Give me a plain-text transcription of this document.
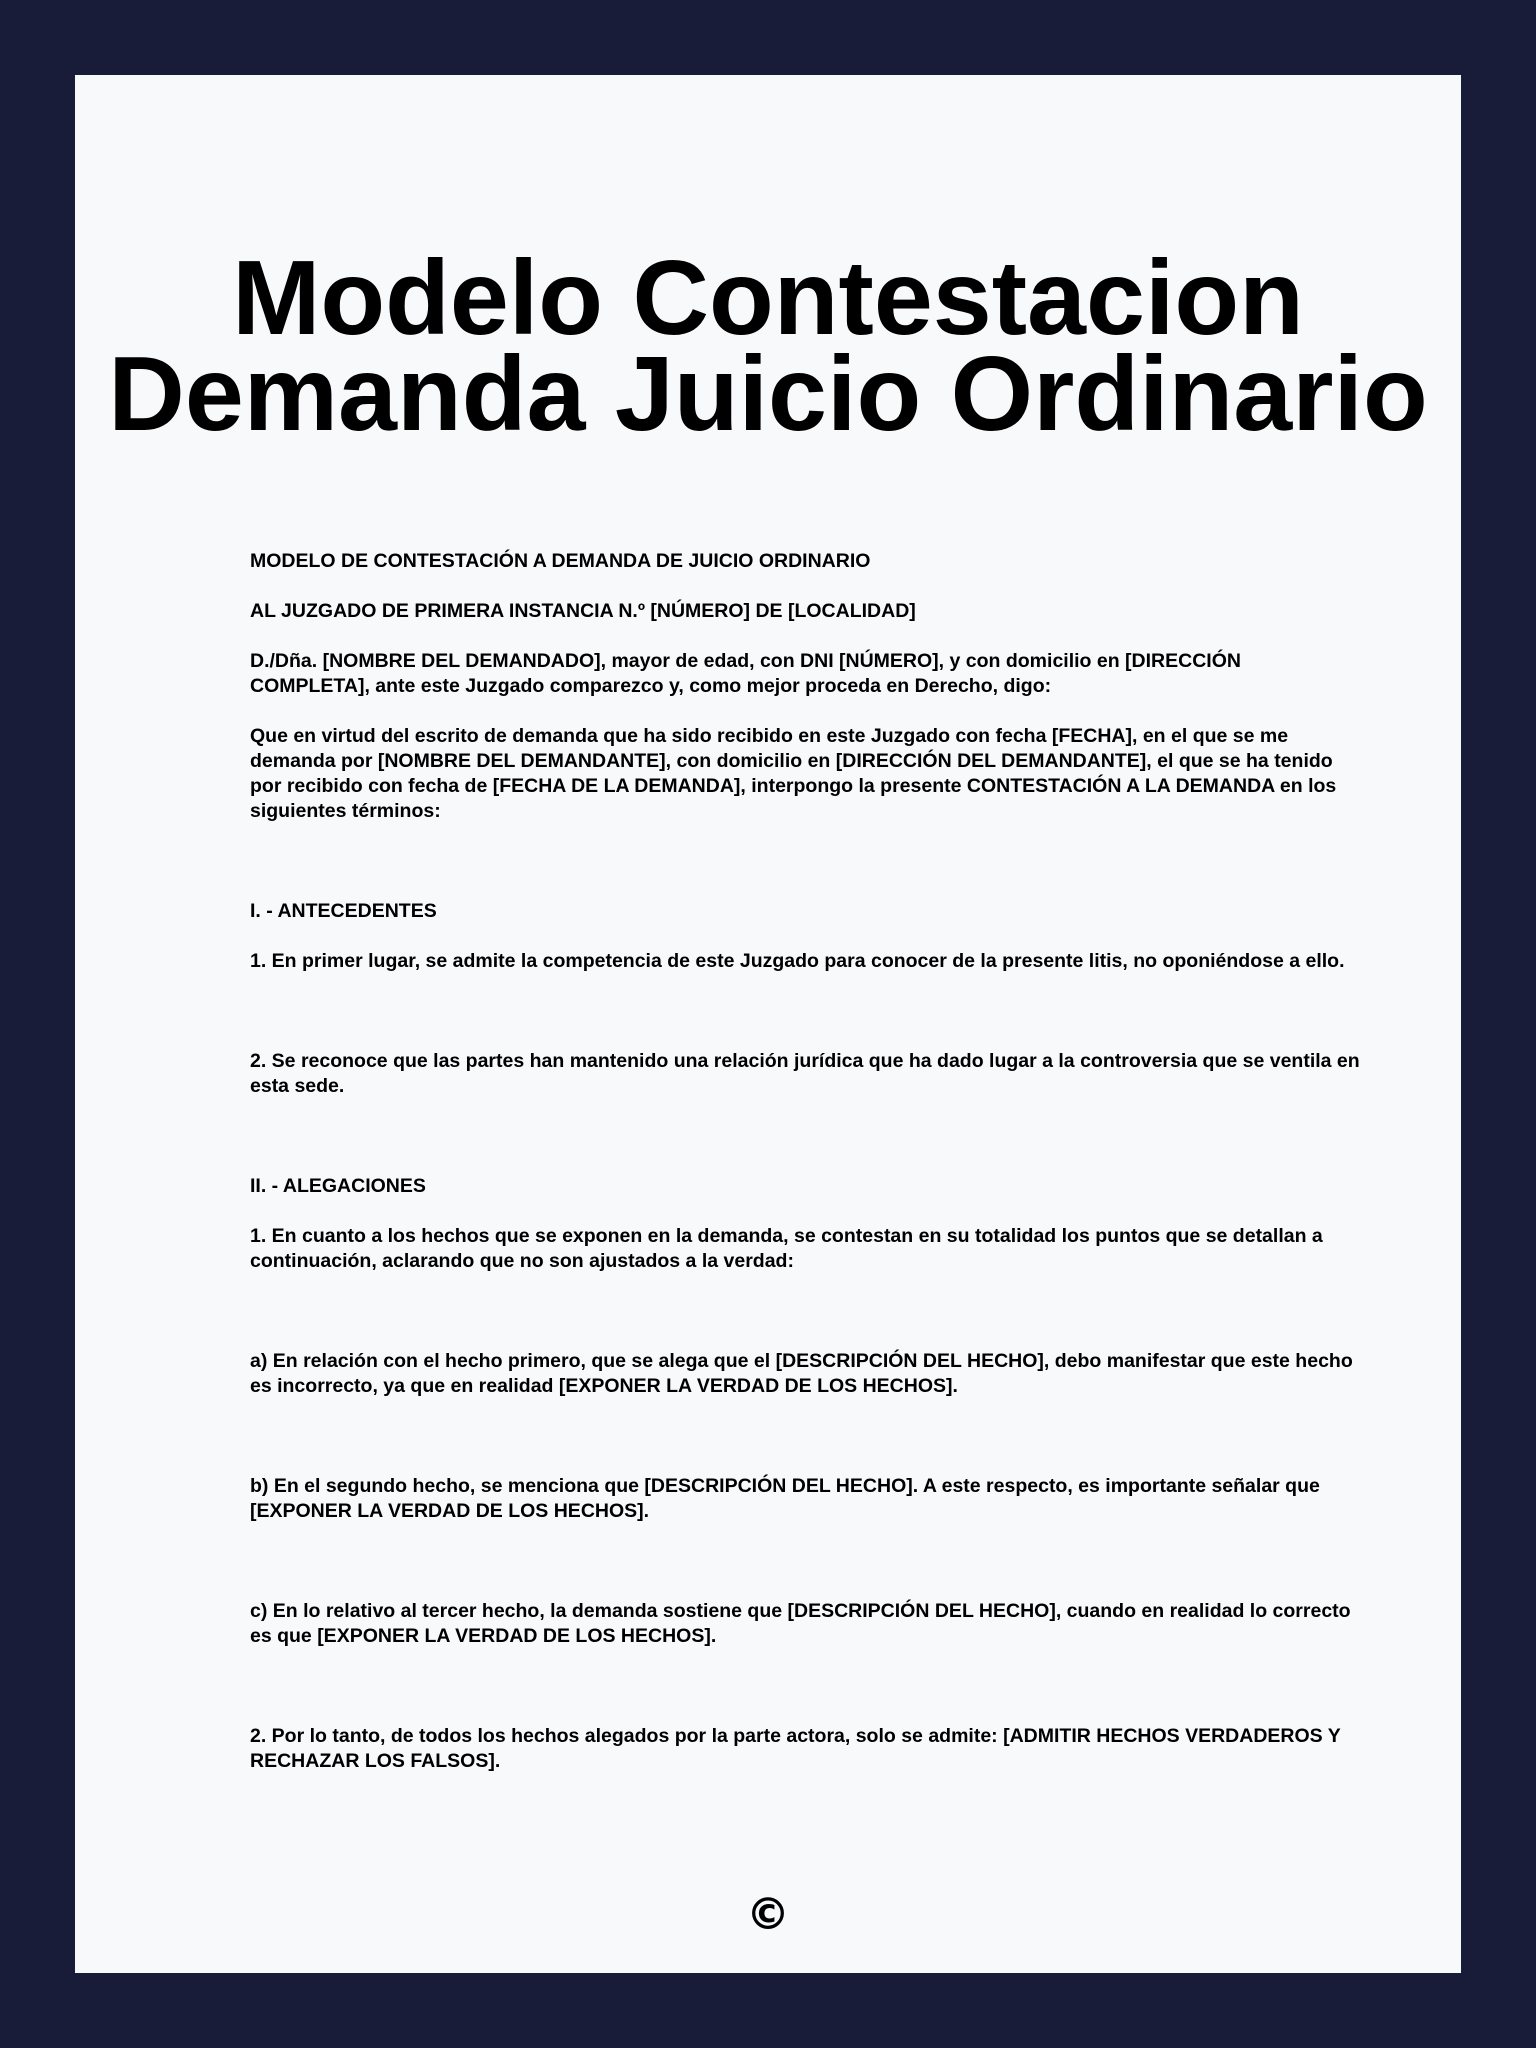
Modelo Contestacion
Demanda Juicio Ordinario

MODELO DE CONTESTACIÓN A DEMANDA DE JUICIO ORDINARIO

AL JUZGADO DE PRIMERA INSTANCIA N.º [NÚMERO] DE [LOCALIDAD]

D./Dña. [NOMBRE DEL DEMANDADO], mayor de edad, con DNI [NÚMERO], y con domicilio en [DIRECCIÓN COMPLETA], ante este Juzgado comparezco y, como mejor proceda en Derecho, digo:

Que en virtud del escrito de demanda que ha sido recibido en este Juzgado con fecha [FECHA], en el que se me demanda por [NOMBRE DEL DEMANDANTE], con domicilio en [DIRECCIÓN DEL DEMANDANTE], el que se ha tenido por recibido con fecha de [FECHA DE LA DEMANDA], interpongo la presente CONTESTACIÓN A LA DEMANDA en los siguientes términos:

I. - ANTECEDENTES

1. En primer lugar, se admite la competencia de este Juzgado para conocer de la presente litis, no oponiéndose a ello.

2. Se reconoce que las partes han mantenido una relación jurídica que ha dado lugar a la controversia que se ventila en esta sede.

II. - ALEGACIONES

1. En cuanto a los hechos que se exponen en la demanda, se contestan en su totalidad los puntos que se detallan a continuación, aclarando que no son ajustados a la verdad:

a) En relación con el hecho primero, que se alega que el [DESCRIPCIÓN DEL HECHO], debo manifestar que este hecho es incorrecto, ya que en realidad [EXPONER LA VERDAD DE LOS HECHOS].

b) En el segundo hecho, se menciona que [DESCRIPCIÓN DEL HECHO]. A este respecto, es importante señalar que [EXPONER LA VERDAD DE LOS HECHOS].

c) En lo relativo al tercer hecho, la demanda sostiene que [DESCRIPCIÓN DEL HECHO], cuando en realidad lo correcto es que [EXPONER LA VERDAD DE LOS HECHOS].

2. Por lo tanto, de todos los hechos alegados por la parte actora, solo se admite: [ADMITIR HECHOS VERDADEROS Y RECHAZAR LOS FALSOS].

©
